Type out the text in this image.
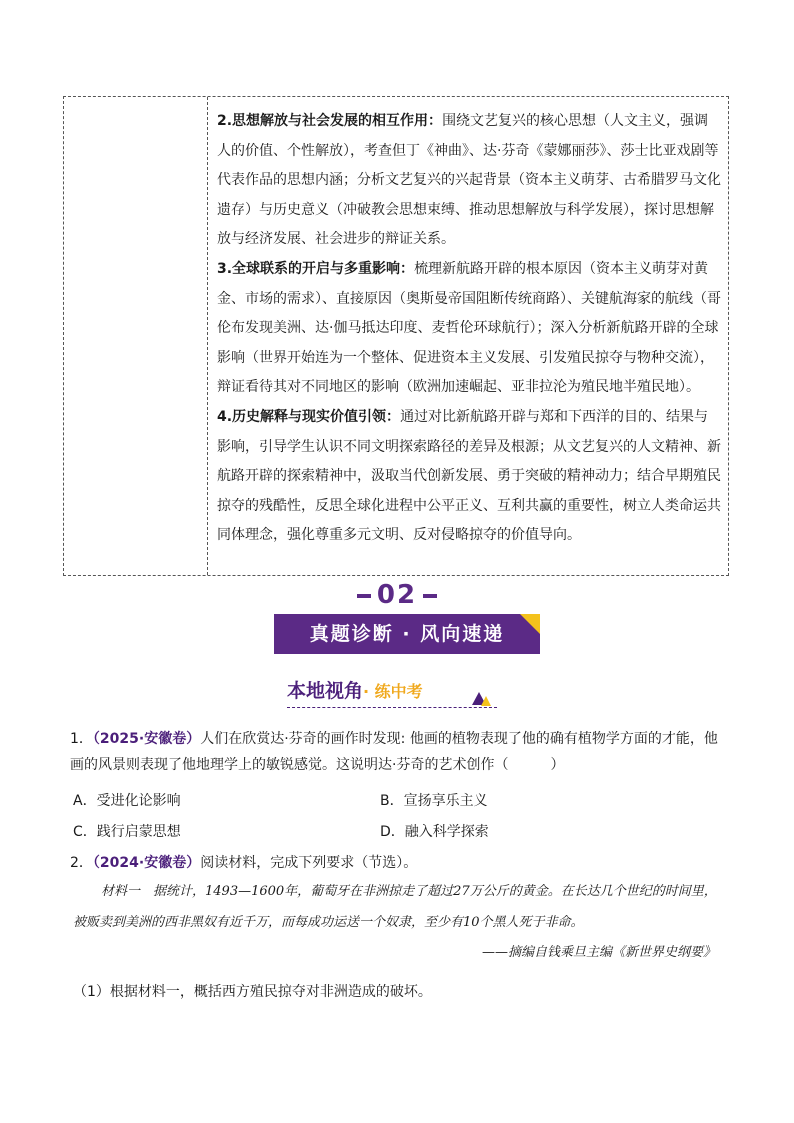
2.思想解放与社会发展的相互作用：围绕文艺复兴的核心思想（人文主义，强调人的价值、个性解放），考查但丁《神曲》、达·芬奇《蒙娜丽莎》、莎士比亚戏剧等代表作品的思想内涵；分析文艺复兴的兴起背景（资本主义萌芽、古希腊罗马文化遗存）与历史意义（冲破教会思想束缚、推动思想解放与科学发展），探讨思想解放与经济发展、社会进步的辩证关系。

3.全球联系的开启与多重影响：梳理新航路开辟的根本原因（资本主义萌芽对黄金、市场的需求）、直接原因（奥斯曼帝国阻断传统商路）、关键航海家的航线（哥伦布发现美洲、达·伽马抵达印度、麦哲伦环球航行）；深入分析新航路开辟的全球影响（世界开始连为一个整体、促进资本主义发展、引发殖民掠夺与物种交流），辩证看待其对不同地区的影响（欧洲加速崛起、亚非拉沦为殖民地半殖民地）。

4.历史解释与现实价值引领：通过对比新航路开辟与郑和下西洋的目的、结果与影响，引导学生认识不同文明探索路径的差异及根源；从文艺复兴的人文精神、新航路开辟的探索精神中，汲取当代创新发展、勇于突破的精神动力；结合早期殖民掠夺的残酷性，反思全球化进程中公平正义、互利共赢的重要性，树立人类命运共同体理念，强化尊重多元文明、反对侵略掠夺的价值导向。

02
真题诊断 · 风向速递
本地视角· 练中考
1．（2025·安徽卷）人们在欣赏达·芬奇的画作时发现: 他画的植物表现了他的确有植物学方面的才能，他
画的风景则表现了他地理学上的敏锐感觉。这说明达·芬奇的艺术创作（　　　）
A．受进化论影响	B．宣扬享乐主义
C．践行启蒙思想	D．融入科学探索
2．（2024·安徽卷）阅读材料，完成下列要求（节选）。
材料一　据统计，1493—1600年，葡萄牙在非洲掠走了超过27万公斤的黄金。在长达几个世纪的时间里，被贩卖到美洲的西非黑奴有近千万，而每成功运送一个奴隶，至少有10个黑人死于非命。
——摘编自钱乘旦主编《新世界史纲要》
（1）根据材料一，概括西方殖民掠夺对非洲造成的破坏。
